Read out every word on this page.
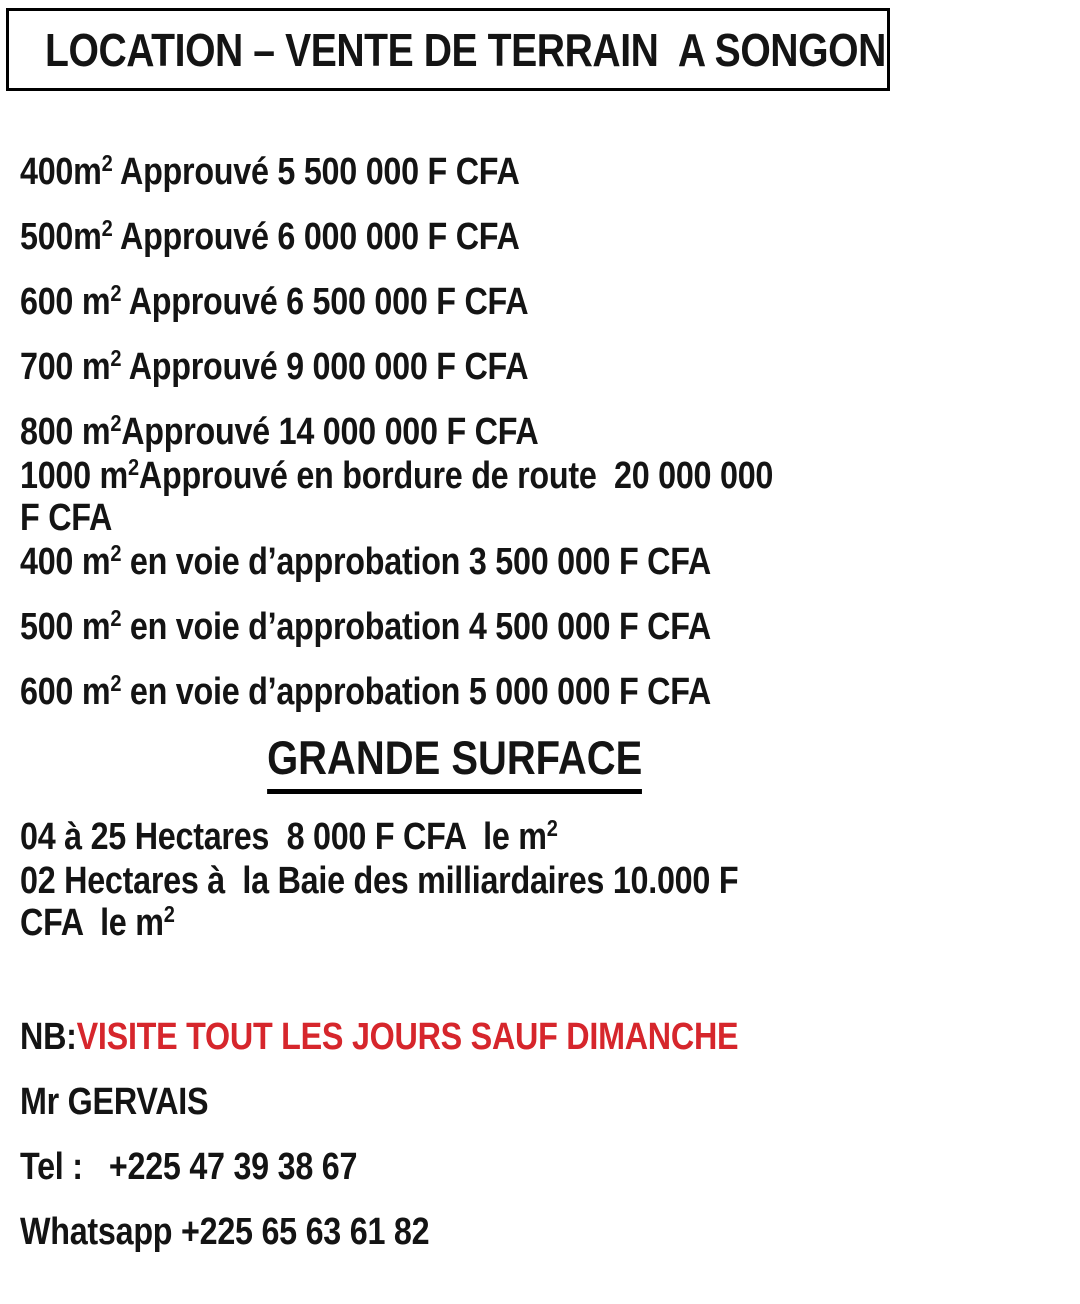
LOCATION – VENTE DE TERRAIN  A SONGON
$400m^2$ Approuvé 5 500 000 F CFA
$500m^2$ Approuvé 6 000 000 F CFA
600 $m^2$ Approuvé 6 500 000 F CFA
700 $m^2$ Approuvé 9 000 000 F CFA
800 $m^2Approuvé$ 14 000 000 F CFA
1000 $m^2Approuvé$ en bordure de route  20 000 000 F CFA
400 $m^2$ en voie d’approbation 3 500 000 F CFA
500 $m^2$ en voie d’approbation 4 500 000 F CFA
600 $m^2$ en voie d’approbation 5 000 000 F CFA
GRANDE SURFACE
04 à 25 Hectares  8 000 F CFA  le $m^2$
02 Hectares à  la Baie des milliardaires 10.000 F CFA  le $m^2$
NB:VISITE TOUT LES JOURS SAUF DIMANCHE
Mr GERVAIS
Tel :   +225 47 39 38 67
Whatsapp +225 65 63 61 82
